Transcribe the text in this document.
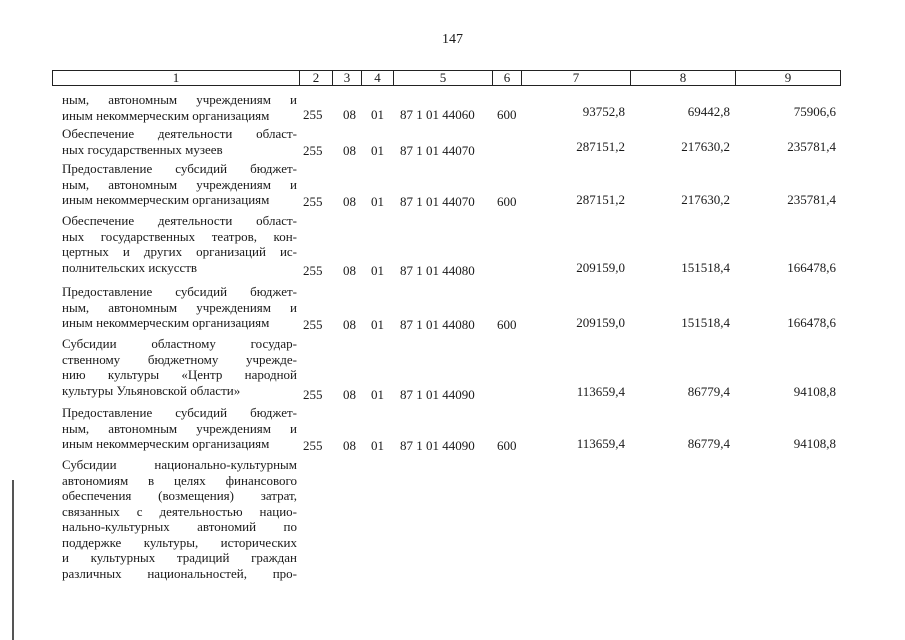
147
1	2	3	4	5	6	7	8	9
ным, автономным учреждениям и
иным некоммерческим организациям	255 08 01 87 1 01 44060 600	93752,8	69442,8	75906,6
Обеспечение деятельности област-
ных государственных музеев	255 08 01 87 1 01 44070	287151,2	217630,2	235781,4
Предоставление субсидий бюджет-
ным, автономным учреждениям и
иным некоммерческим организациям	255 08 01 87 1 01 44070 600	287151,2	217630,2	235781,4
Обеспечение деятельности област-
ных государственных театров, кон-
цертных и других организаций ис-
полнительских искусств	255 08 01 87 1 01 44080	209159,0	151518,4	166478,6
Предоставление субсидий бюджет-
ным, автономным учреждениям и
иным некоммерческим организациям	255 08 01 87 1 01 44080 600	209159,0	151518,4	166478,6
Субсидии областному государ-
ственному бюджетному учрежде-
нию культуры «Центр народной
культуры Ульяновской области»	255 08 01 87 1 01 44090	113659,4	86779,4	94108,8
Предоставление субсидий бюджет-
ным, автономным учреждениям и
иным некоммерческим организациям	255 08 01 87 1 01 44090 600	113659,4	86779,4	94108,8
Субсидии национально-культурным
автономиям в целях финансового
обеспечения (возмещения) затрат,
связанных с деятельностью нацио-
нально-культурных автономий по
поддержке культуры, исторических
и культурных традиций граждан
различных национальностей, про-
